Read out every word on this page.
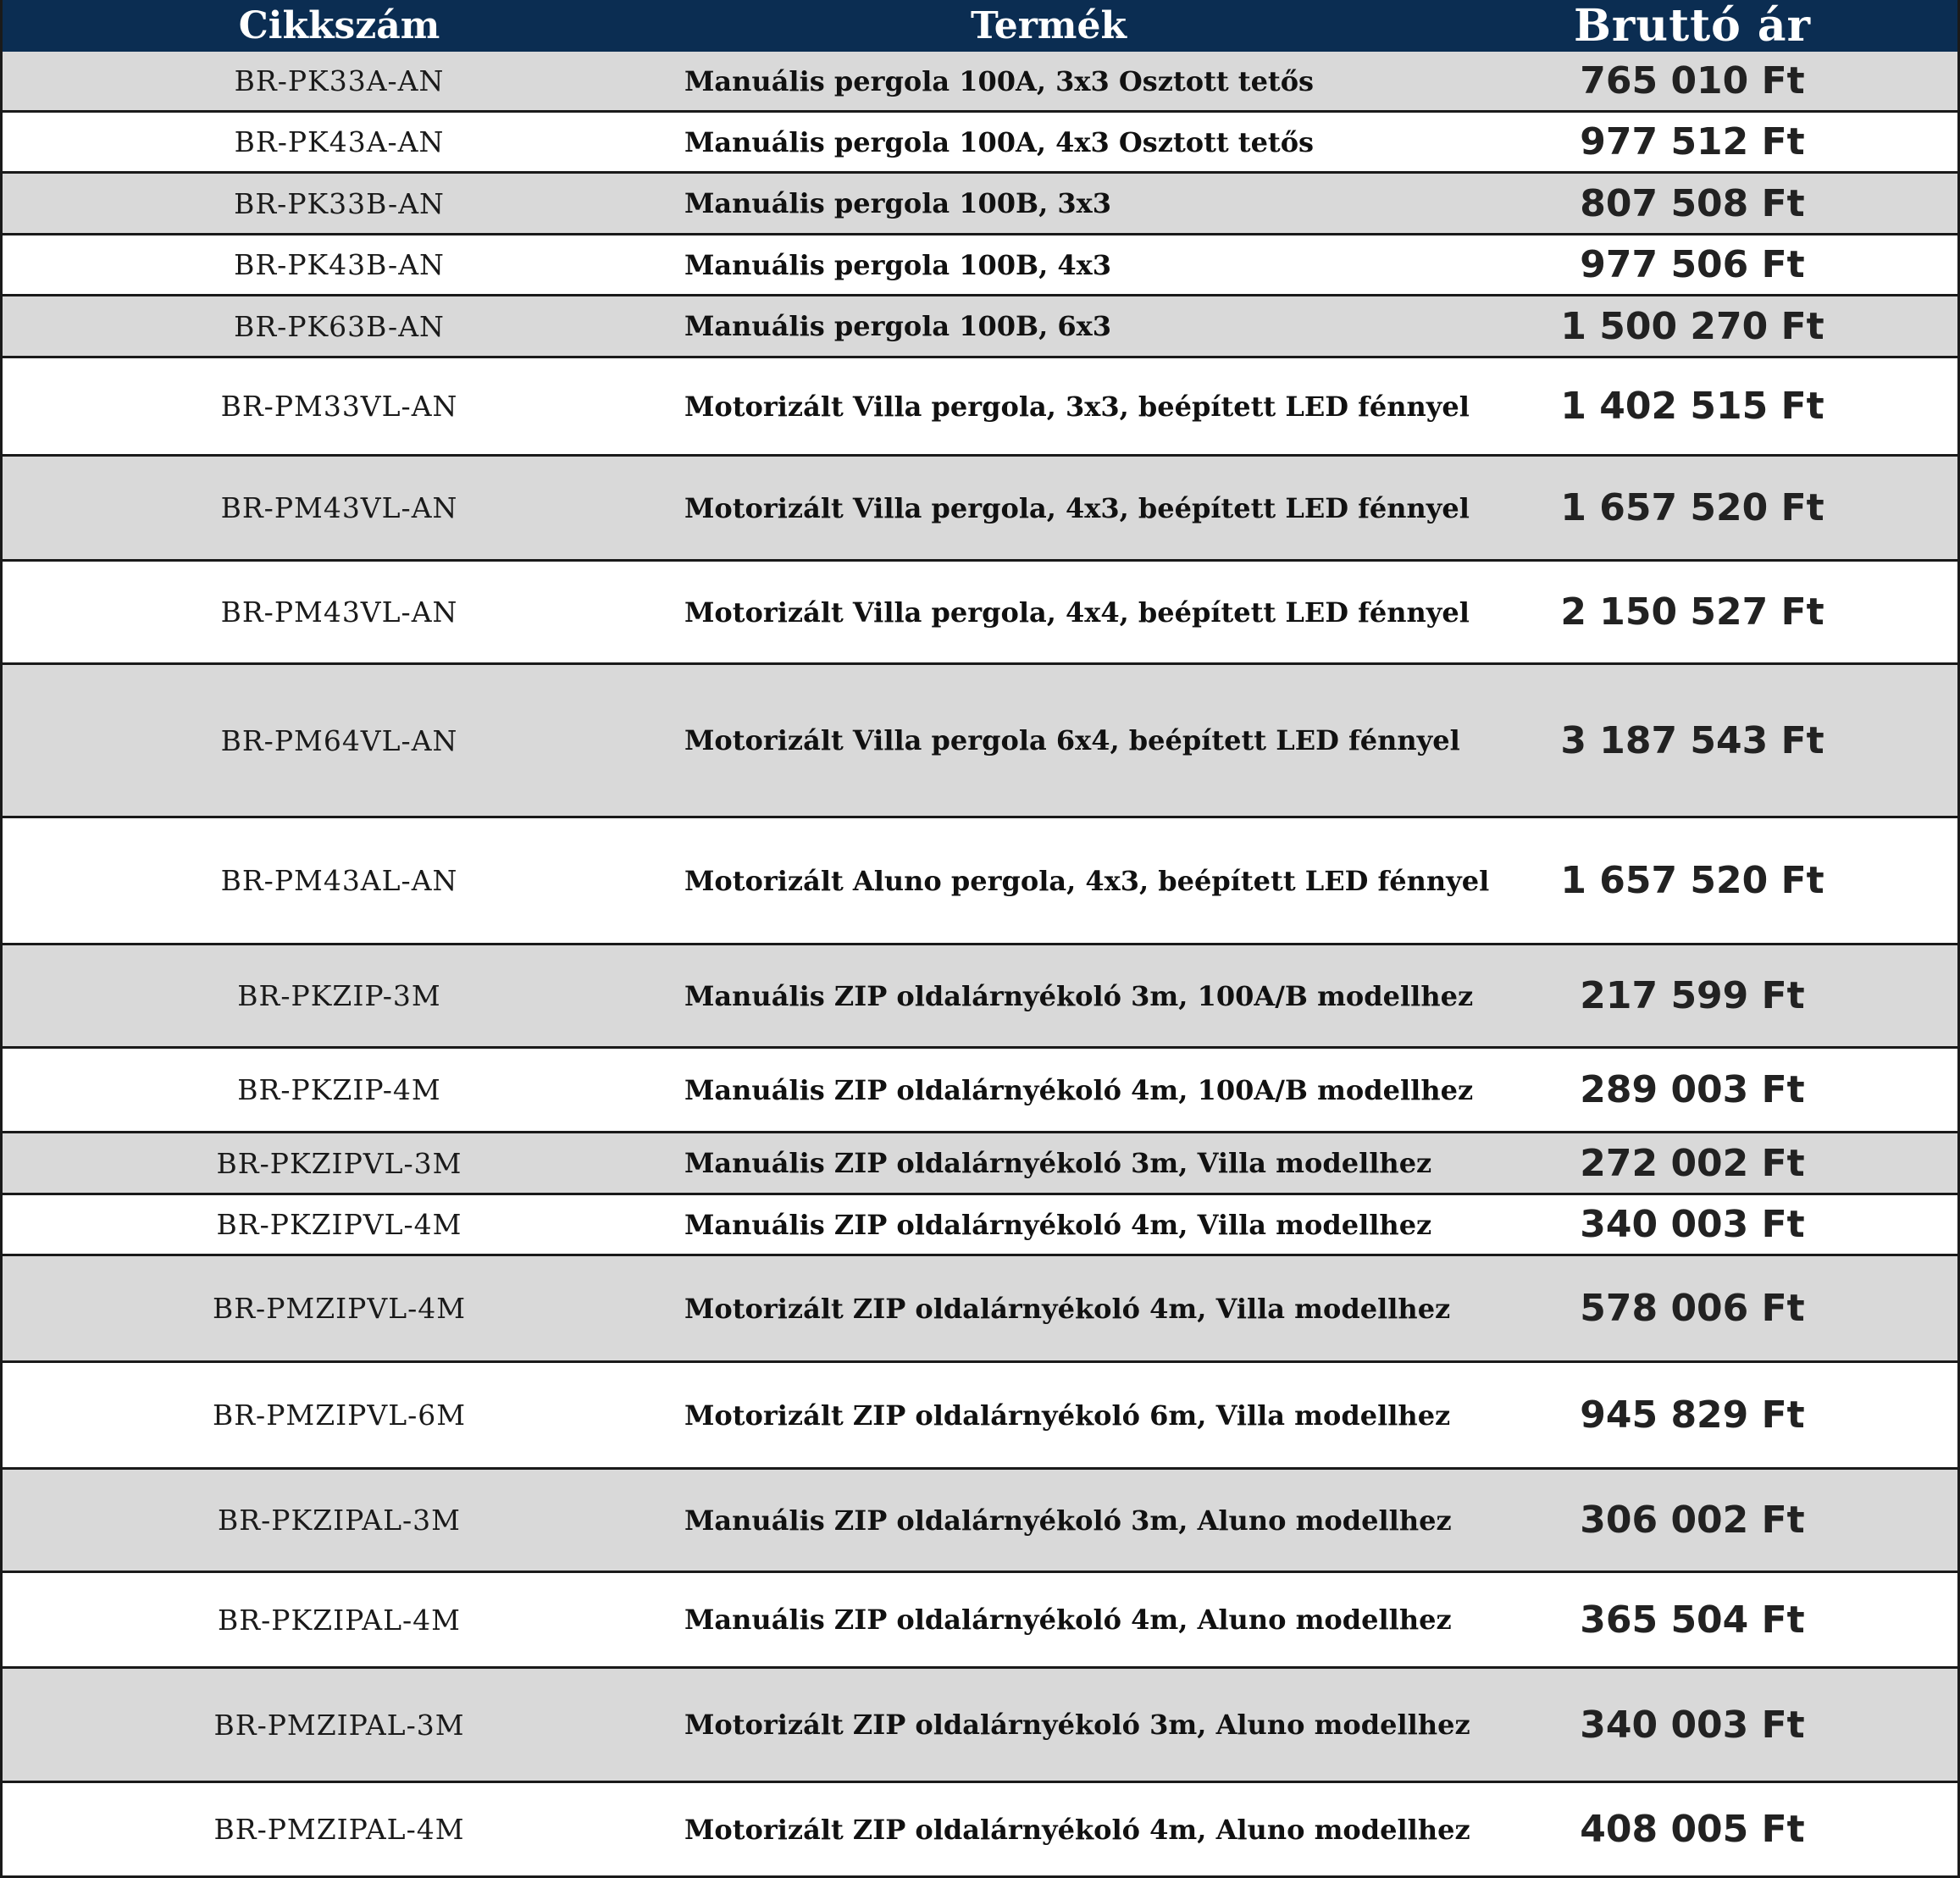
Cikkszám	Termék	Bruttó ár
BR-PK33A-AN	Manuális pergola 100A, 3x3 Osztott tetős	765 010 Ft
BR-PK43A-AN	Manuális pergola 100A, 4x3 Osztott tetős	977 512 Ft
BR-PK33B-AN	Manuális pergola 100B, 3x3	807 508 Ft
BR-PK43B-AN	Manuális pergola 100B, 4x3	977 506 Ft
BR-PK63B-AN	Manuális pergola 100B, 6x3	1 500 270 Ft
BR-PM33VL-AN	Motorizált Villa pergola, 3x3, beépített LED fénnyel	1 402 515 Ft
BR-PM43VL-AN	Motorizált Villa pergola, 4x3, beépített LED fénnyel	1 657 520 Ft
BR-PM43VL-AN	Motorizált Villa pergola, 4x4, beépített LED fénnyel	2 150 527 Ft
BR-PM64VL-AN	Motorizált Villa pergola 6x4, beépített LED fénnyel	3 187 543 Ft
BR-PM43AL-AN	Motorizált Aluno pergola, 4x3, beépített LED fénnyel	1 657 520 Ft
BR-PKZIP-3M	Manuális ZIP oldalárnyékoló 3m, 100A/B modellhez	217 599 Ft
BR-PKZIP-4M	Manuális ZIP oldalárnyékoló 4m, 100A/B modellhez	289 003 Ft
BR-PKZIPVL-3M	Manuális ZIP oldalárnyékoló 3m, Villa modellhez	272 002 Ft
BR-PKZIPVL-4M	Manuális ZIP oldalárnyékoló 4m, Villa modellhez	340 003 Ft
BR-PMZIPVL-4M	Motorizált ZIP oldalárnyékoló 4m, Villa modellhez	578 006 Ft
BR-PMZIPVL-6M	Motorizált ZIP oldalárnyékoló 6m, Villa modellhez	945 829 Ft
BR-PKZIPAL-3M	Manuális ZIP oldalárnyékoló 3m, Aluno modellhez	306 002 Ft
BR-PKZIPAL-4M	Manuális ZIP oldalárnyékoló 4m, Aluno modellhez	365 504 Ft
BR-PMZIPAL-3M	Motorizált ZIP oldalárnyékoló 3m, Aluno modellhez	340 003 Ft
BR-PMZIPAL-4M	Motorizált ZIP oldalárnyékoló 4m, Aluno modellhez	408 005 Ft
